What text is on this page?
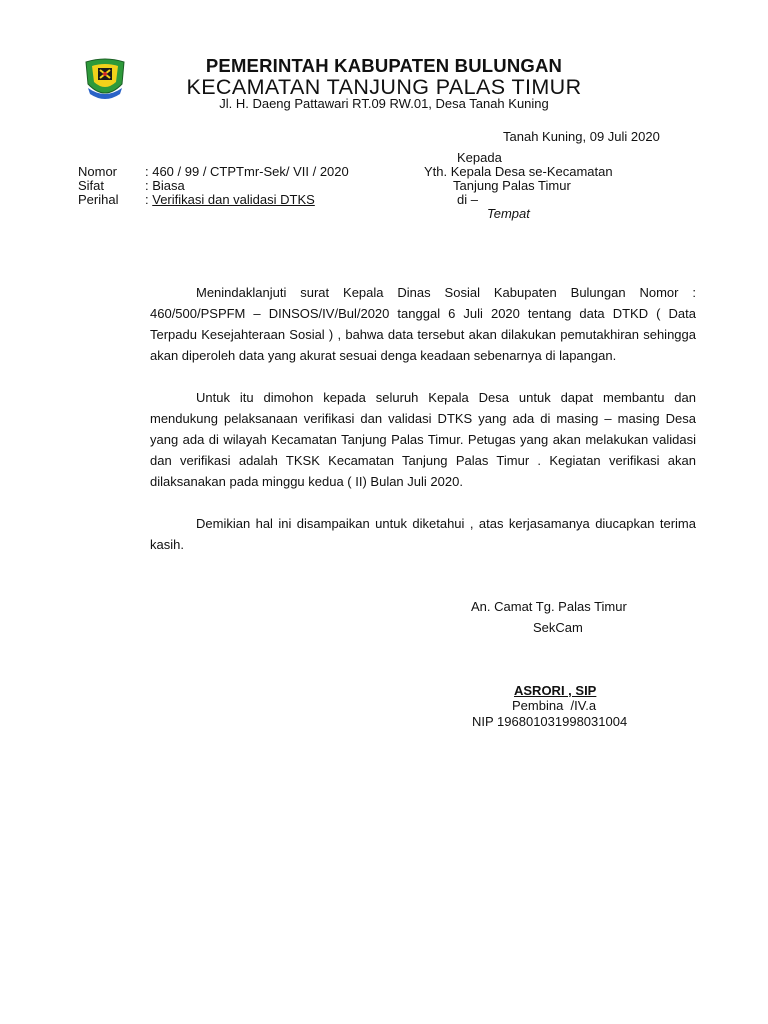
PEMERINTAH KABUPATEN BULUNGAN
KECAMATAN TANJUNG PALAS TIMUR
Jl. H. Daeng Pattawari RT.09 RW.01, Desa Tanah Kuning
Tanah Kuning, 09 Juli 2020
Kepada
Yth. Kepala Desa se-Kecamatan
Tanjung Palas Timur
di –
Tempat
Nomor : 460 / 99 / CTPTmr-Sek/ VII / 2020
Sifat	: Biasa
Perihal : Verifikasi dan validasi DTKS
Menindaklanjuti surat Kepala Dinas Sosial Kabupaten Bulungan Nomor : 460/500/PSPFM – DINSOS/IV/Bul/2020 tanggal 6 Juli 2020 tentang data DTKD ( Data Terpadu Kesejahteraan Sosial ) , bahwa data tersebut akan dilakukan pemutakhiran sehingga akan diperoleh data yang akurat sesuai denga keadaan sebenarnya di lapangan.
Untuk itu dimohon kepada seluruh Kepala Desa untuk dapat membantu dan mendukung pelaksanaan verifikasi dan validasi DTKS yang ada di masing – masing Desa yang ada di wilayah Kecamatan Tanjung Palas Timur. Petugas yang akan melakukan validasi dan verifikasi adalah TKSK Kecamatan Tanjung Palas Timur . Kegiatan verifikasi akan dilaksanakan pada minggu kedua ( II) Bulan Juli 2020.
Demikian hal ini disampaikan untuk diketahui , atas kerjasamanya diucapkan terima kasih.
An. Camat Tg. Palas Timur
SekCam
ASRORI , SIP
Pembina  /IV.a
NIP 196801031998031004
